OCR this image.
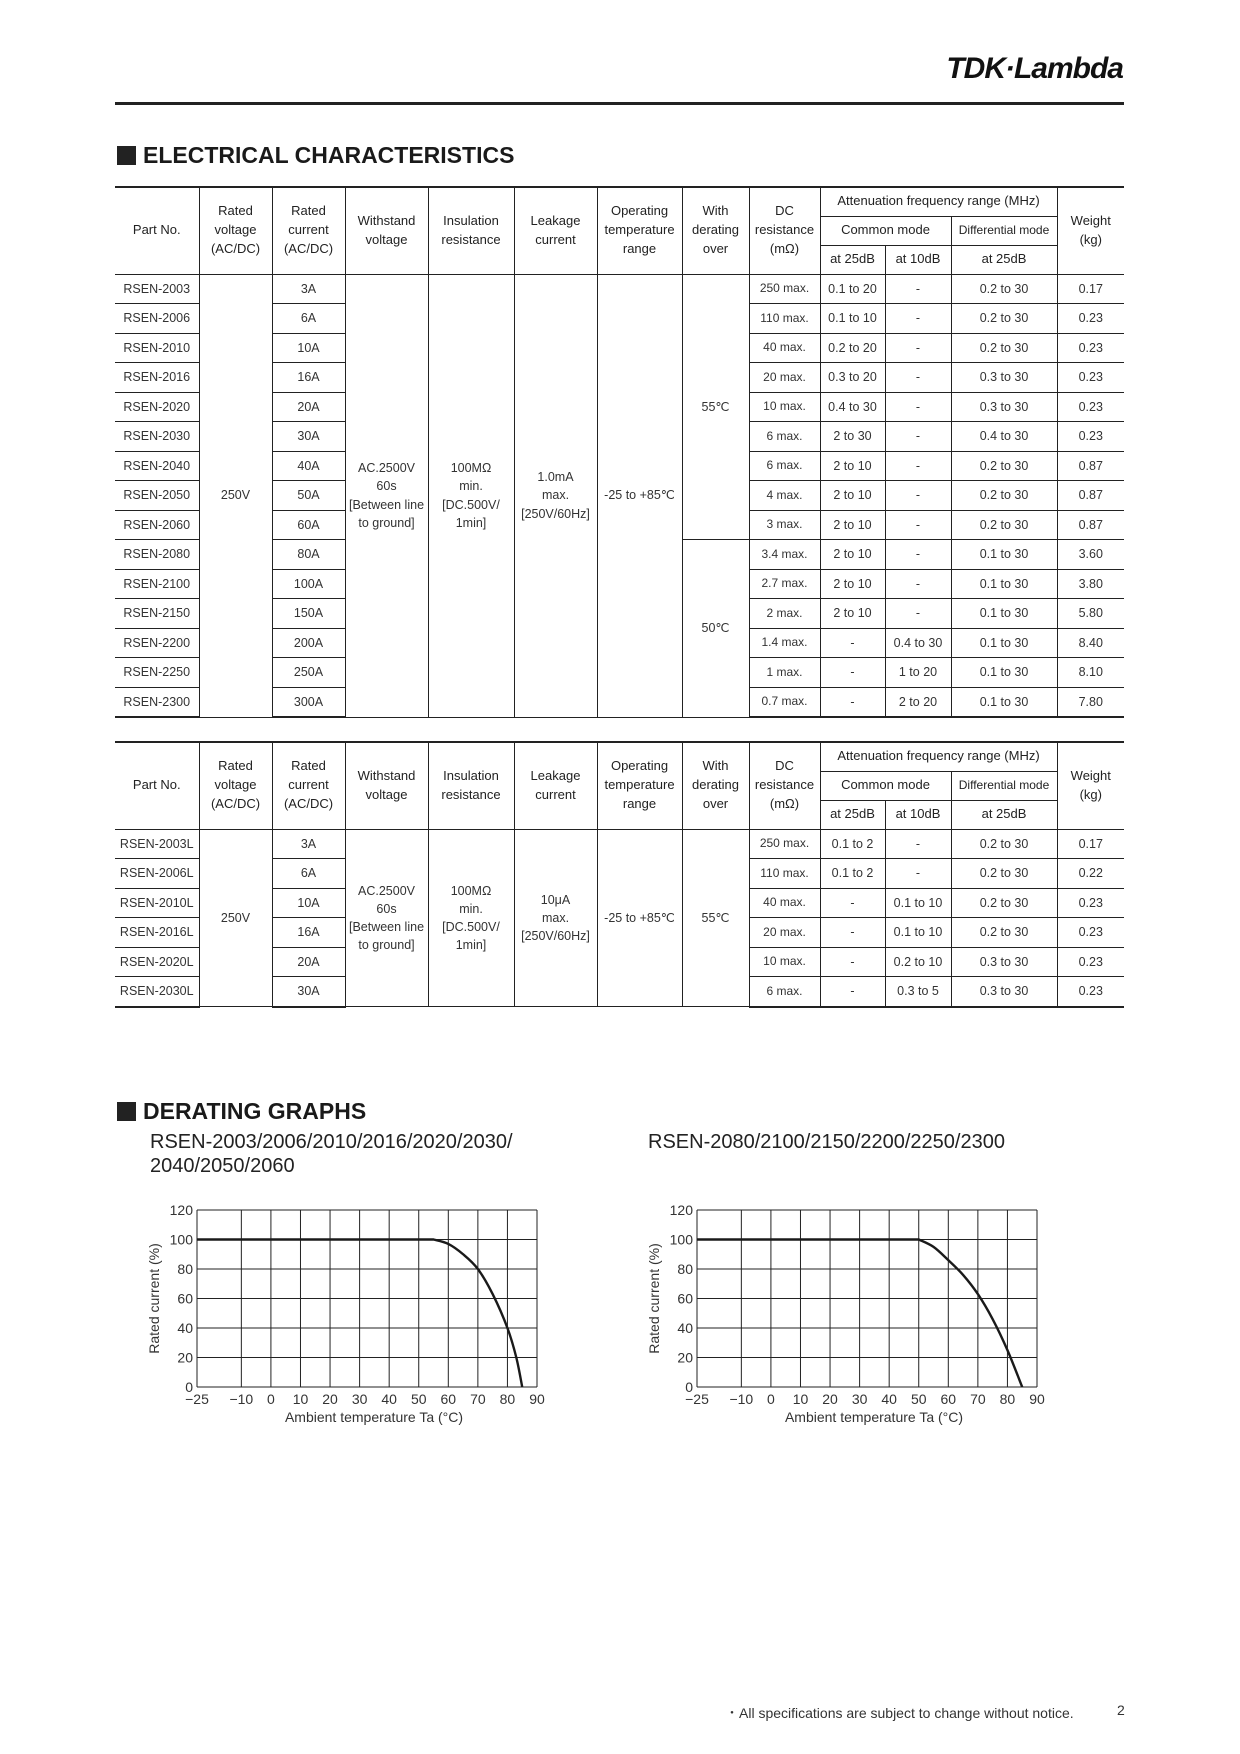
TDK·Lambda
ELECTRICAL CHARACTERISTICS
Part No.	Rated
voltage
(AC/DC)	Rated
current
(AC/DC)	Withstand
voltage	Insulation
resistance	Leakage
current	Operating
temperature
range	With
derating
over	DC
resistance
(mΩ)	Attenuation frequency range (MHz)			Weight
(kg)
									Common mode		Differential mode	
									at 25dB	at 10dB	at 25dB	
RSEN-2003	250V	3A	AC.2500V
60s
[Between line
to ground]	100MΩ
min.
[DC.500V/
1min]	1.0mA
max.
[250V/60Hz]	-25 to +85℃	55℃	250 max.	0.1 to 20	-	0.2 to 30	0.17
RSEN-2006		6A						110 max.	0.1 to 10	-	0.2 to 30	0.23
RSEN-2010		10A						40 max.	0.2 to 20	-	0.2 to 30	0.23
RSEN-2016		16A						20 max.	0.3 to 20	-	0.3 to 30	0.23
RSEN-2020		20A						10 max.	0.4 to 30	-	0.3 to 30	0.23
RSEN-2030		30A						6 max.	2 to 30	-	0.4 to 30	0.23
RSEN-2040		40A						6 max.	2 to 10	-	0.2 to 30	0.87
RSEN-2050		50A						4 max.	2 to 10	-	0.2 to 30	0.87
RSEN-2060		60A						3 max.	2 to 10	-	0.2 to 30	0.87
RSEN-2080		80A					50℃	3.4 max.	2 to 10	-	0.1 to 30	3.60
RSEN-2100		100A						2.7 max.	2 to 10	-	0.1 to 30	3.80
RSEN-2150		150A						2 max.	2 to 10	-	0.1 to 30	5.80
RSEN-2200		200A						1.4 max.	-	0.4 to 30	0.1 to 30	8.40
RSEN-2250		250A						1 max.	-	1 to 20	0.1 to 30	8.10
RSEN-2300		300A						0.7 max.	-	2 to 20	0.1 to 30	7.80
Part No.	Rated
voltage
(AC/DC)	Rated
current
(AC/DC)	Withstand
voltage	Insulation
resistance	Leakage
current	Operating
temperature
range	With
derating
over	DC
resistance
(mΩ)	Attenuation frequency range (MHz)			Weight
(kg)
									Common mode		Differential mode	
									at 25dB	at 10dB	at 25dB	
RSEN-2003L	250V	3A	AC.2500V
60s
[Between line
to ground]	100MΩ
min.
[DC.500V/
1min]	10μA
max.
[250V/60Hz]	-25 to +85℃	55℃	250 max.	0.1 to 2	-	0.2 to 30	0.17
RSEN-2006L		6A						110 max.	0.1 to 2	-	0.2 to 30	0.22
RSEN-2010L		10A						40 max.	-	0.1 to 10	0.2 to 30	0.23
RSEN-2016L		16A						20 max.	-	0.1 to 10	0.2 to 30	0.23
RSEN-2020L		20A						10 max.	-	0.2 to 10	0.3 to 30	0.23
RSEN-2030L		30A						6 max.	-	0.3 to 5	0.3 to 30	0.23
DERATING GRAPHS
RSEN-2003/2006/2010/2016/2020/2030/
2040/2050/2060
RSEN-2080/2100/2150/2200/2250/2300
0
20
40
60
80
100
120
−25 −10 0 10 20 30 40 50 60 70 80 90
Ambient temperature Ta (°C)
Rated current (%)
0
20
40
60
80
100
120
−25 −10 0 10 20 30 40 50 60 70 80 90
Ambient temperature Ta (°C)
Rated current (%)
・All specifications are subject to change without notice.	2
